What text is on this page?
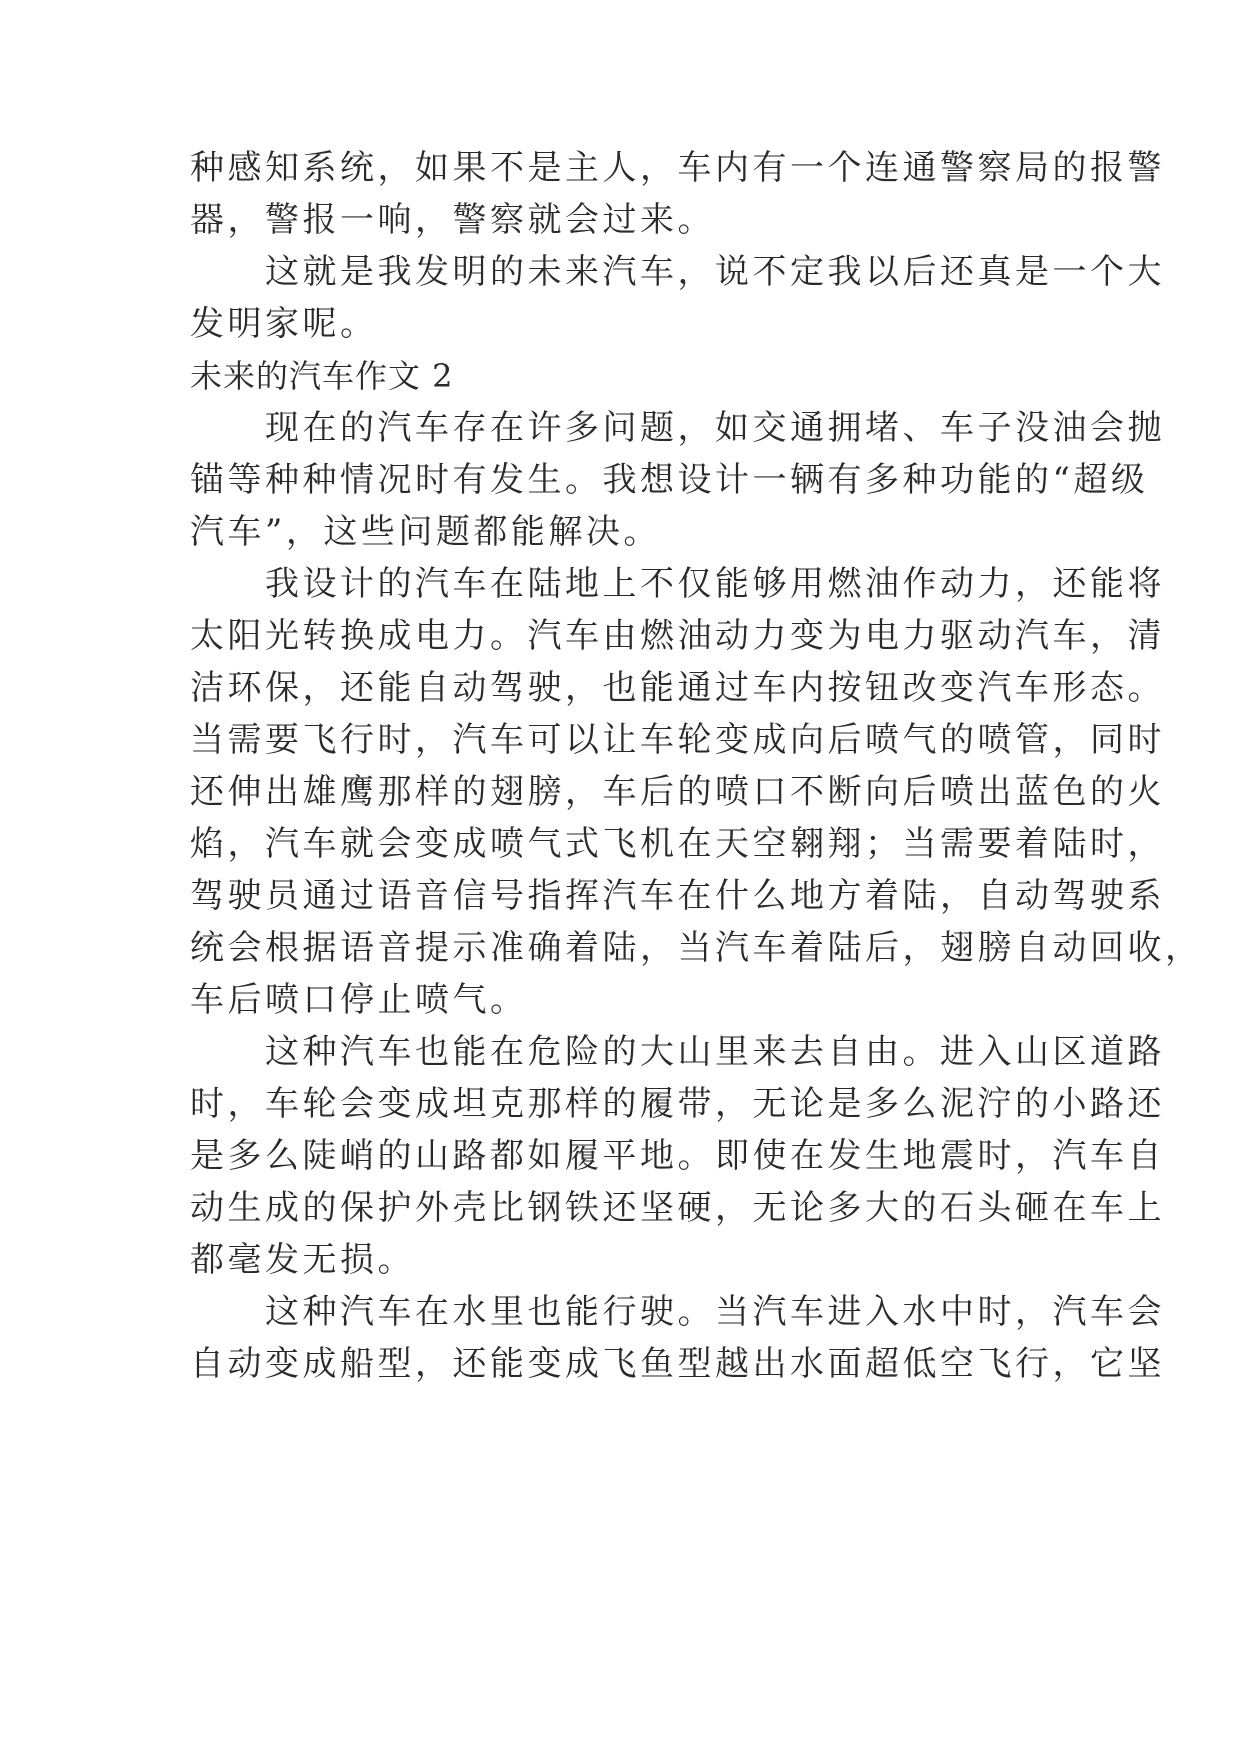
种感知系统，如果不是主人，车内有一个连通警察局的报警
器，警报一响，警察就会过来。
　　这就是我发明的未来汽车，说不定我以后还真是一个大
发明家呢。
未来的汽车作文 2
　　现在的汽车存在许多问题，如交通拥堵、车子没油会抛
锚等种种情况时有发生。我想设计一辆有多种功能的“超级
汽车”，这些问题都能解决。
　　我设计的汽车在陆地上不仅能够用燃油作动力，还能将
太阳光转换成电力。汽车由燃油动力变为电力驱动汽车，清
洁环保，还能自动驾驶，也能通过车内按钮改变汽车形态。
当需要飞行时，汽车可以让车轮变成向后喷气的喷管，同时
还伸出雄鹰那样的翅膀，车后的喷口不断向后喷出蓝色的火
焰，汽车就会变成喷气式飞机在天空翱翔；当需要着陆时，
驾驶员通过语音信号指挥汽车在什么地方着陆，自动驾驶系
统会根据语音提示准确着陆，当汽车着陆后，翅膀自动回收，
车后喷口停止喷气。
　　这种汽车也能在危险的大山里来去自由。进入山区道路
时，车轮会变成坦克那样的履带，无论是多么泥泞的小路还
是多么陡峭的山路都如履平地。即使在发生地震时，汽车自
动生成的保护外壳比钢铁还坚硬，无论多大的石头砸在车上
都毫发无损。
　　这种汽车在水里也能行驶。当汽车进入水中时，汽车会
自动变成船型，还能变成飞鱼型越出水面超低空飞行，它坚
